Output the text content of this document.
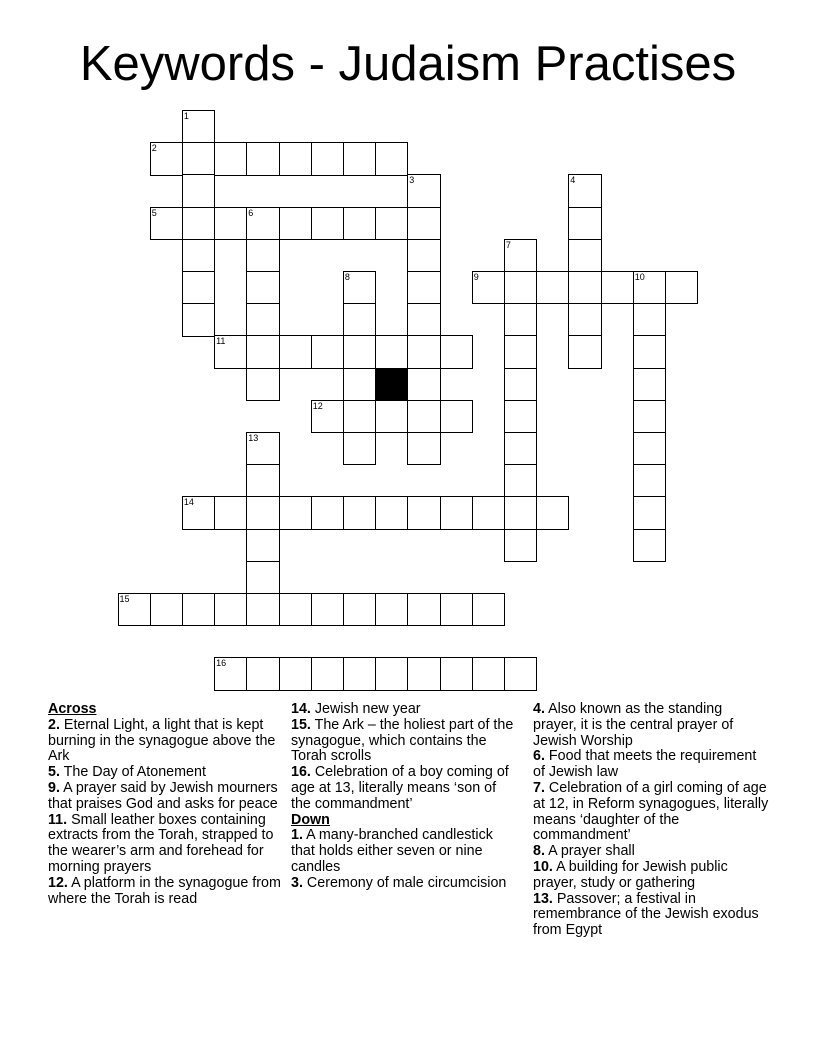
Keywords - Judaism Practises
1
2
3	4
5	6
7
8	9	10
11
12
13
14
15
16
Across
2. Eternal Light, a light that is kept burning in the synagogue above the Ark
5. The Day of Atonement
9. A prayer said by Jewish mourners that praises God and asks for peace
11. Small leather boxes containing extracts from the Torah, strapped to the wearer’s arm and forehead for morning prayers
12. A platform in the synagogue from where the Torah is read
14. Jewish new year
15. The Ark – the holiest part of the synagogue, which contains the Torah scrolls
16. Celebration of a boy coming of age at 13, literally means ‘son of the commandment’
Down
1. A many-branched candlestick that holds either seven or nine candles
3. Ceremony of male circumcision
4. Also known as the standing prayer, it is the central prayer of Jewish Worship
6. Food that meets the requirement of Jewish law
7. Celebration of a girl coming of age at 12, in Reform synagogues, literally means ‘daughter of the commandment’
8. A prayer shall
10. A building for Jewish public prayer, study or gathering
13. Passover; a festival in remembrance of the Jewish exodus from Egypt
